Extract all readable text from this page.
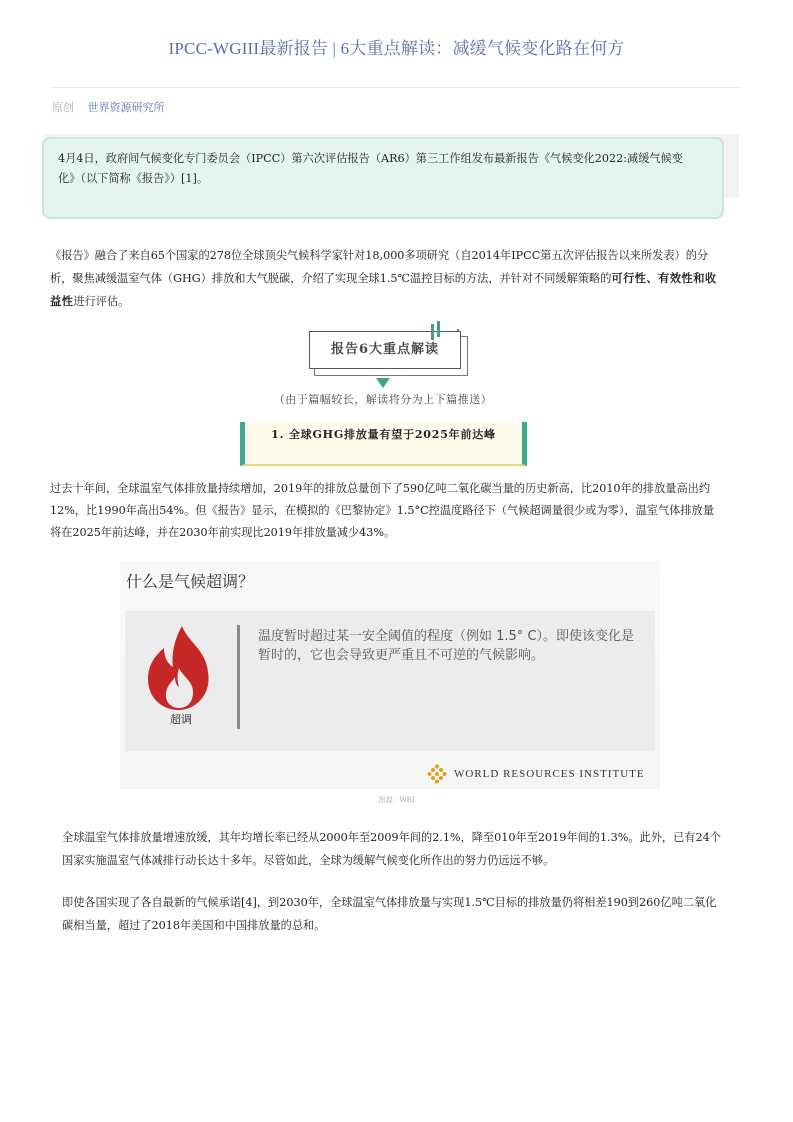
IPCC-WGIII最新报告 | 6大重点解读：减缓气候变化路在何方
原创 世界资源研究所
4月4日，政府间气候变化专门委员会（IPCC）第六次评估报告（AR6）第三工作组发布最新报告《气候变化2022:减缓气候变化》（以下简称《报告》）[1]。
《报告》融合了来自65个国家的278位全球顶尖气候科学家针对18,000多项研究（自2014年IPCC第五次评估报告以来所发表）的分析，聚焦减缓温室气体（GHG）排放和大气脱碳，介绍了实现全球1.5℃温控目标的方法，并针对不同缓解策略的可行性、有效性和收益性进行评估。
报告6大重点解读
（由于篇幅较长，解读将分为上下篇推送）
1. 全球GHG排放量有望于2025年前达峰
过去十年间，全球温室气体排放量持续增加，2019年的排放总量创下了590亿吨二氧化碳当量的历史新高，比2010年的排放量高出约12%，比1990年高出54%。但《报告》显示，在模拟的《巴黎协定》1.5°C控温度路径下（气候超调量很少或为零），温室气体排放量将在2025年前达峰，并在2030年前实现比2019年排放量减少43%。
什么是气候超调？
超调
温度暂时超过某一安全阈值的程度（例如 1.5° C）。即使该变化是暂时的，它也会导致更严重且不可逆的气候影响。
WORLD RESOURCES INSTITUTE
图源：WRI
全球温室气体排放量增速放缓，其年均增长率已经从2000年至2009年间的2.1%，降至010年至2019年间的1.3%。此外，已有24个国家实施温室气体减排行动长达十多年。尽管如此，全球为缓解气候变化所作出的努力仍远远不够。
即使各国实现了各自最新的气候承诺[4]，到2030年，全球温室气体排放量与实现1.5℃目标的排放量仍将相差190到260亿吨二氧化碳相当量，超过了2018年美国和中国排放量的总和。
